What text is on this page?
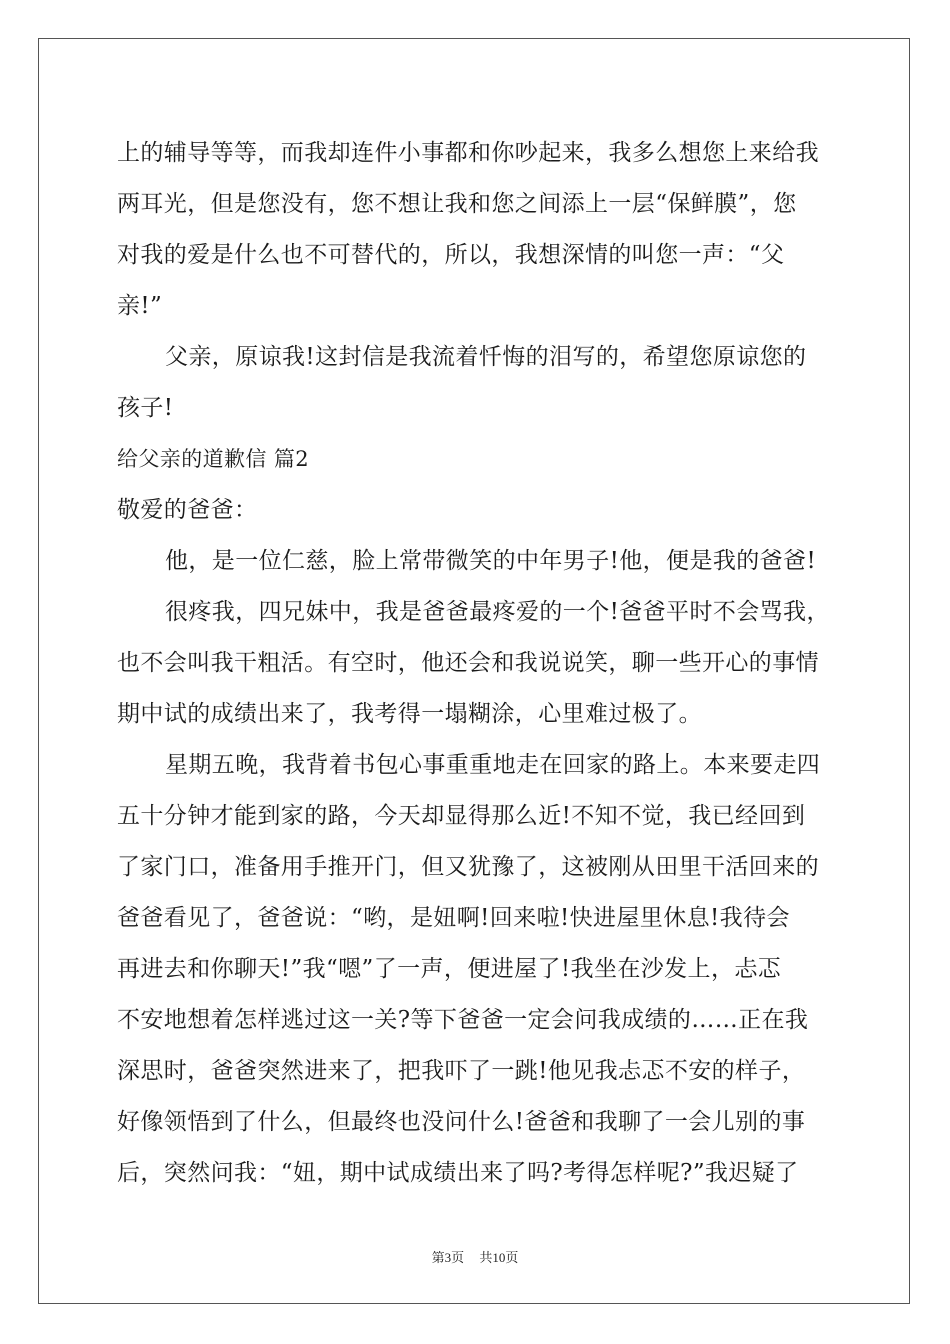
上的辅导等等，而我却连件小事都和你吵起来，我多么想您上来给我
两耳光，但是您没有，您不想让我和您之间添上一层“保鲜膜”，您
对我的爱是什么也不可替代的，所以，我想深情的叫您一声：“父
亲!”
父亲，原谅我!这封信是我流着忏悔的泪写的，希望您原谅您的
孩子!
给父亲的道歉信 篇2
敬爱的爸爸：
他，是一位仁慈，脸上常带微笑的中年男子!他，便是我的爸爸!
很疼我，四兄妹中，我是爸爸最疼爱的一个!爸爸平时不会骂我，
也不会叫我干粗活。有空时，他还会和我说说笑，聊一些开心的事情
期中试的成绩出来了，我考得一塌糊涂，心里难过极了。
星期五晚，我背着书包心事重重地走在回家的路上。本来要走四
五十分钟才能到家的路，今天却显得那么近!不知不觉，我已经回到
了家门口，准备用手推开门，但又犹豫了，这被刚从田里干活回来的
爸爸看见了，爸爸说：“哟，是妞啊!回来啦!快进屋里休息!我待会
再进去和你聊天!”我“嗯”了一声，便进屋了!我坐在沙发上，忐忑
不安地想着怎样逃过这一关?等下爸爸一定会问我成绩的……正在我
深思时，爸爸突然进来了，把我吓了一跳!他见我忐忑不安的样子，
好像领悟到了什么，但最终也没问什么!爸爸和我聊了一会儿别的事
后，突然问我：“妞，期中试成绩出来了吗?考得怎样呢?”我迟疑了
第3页 共10页
